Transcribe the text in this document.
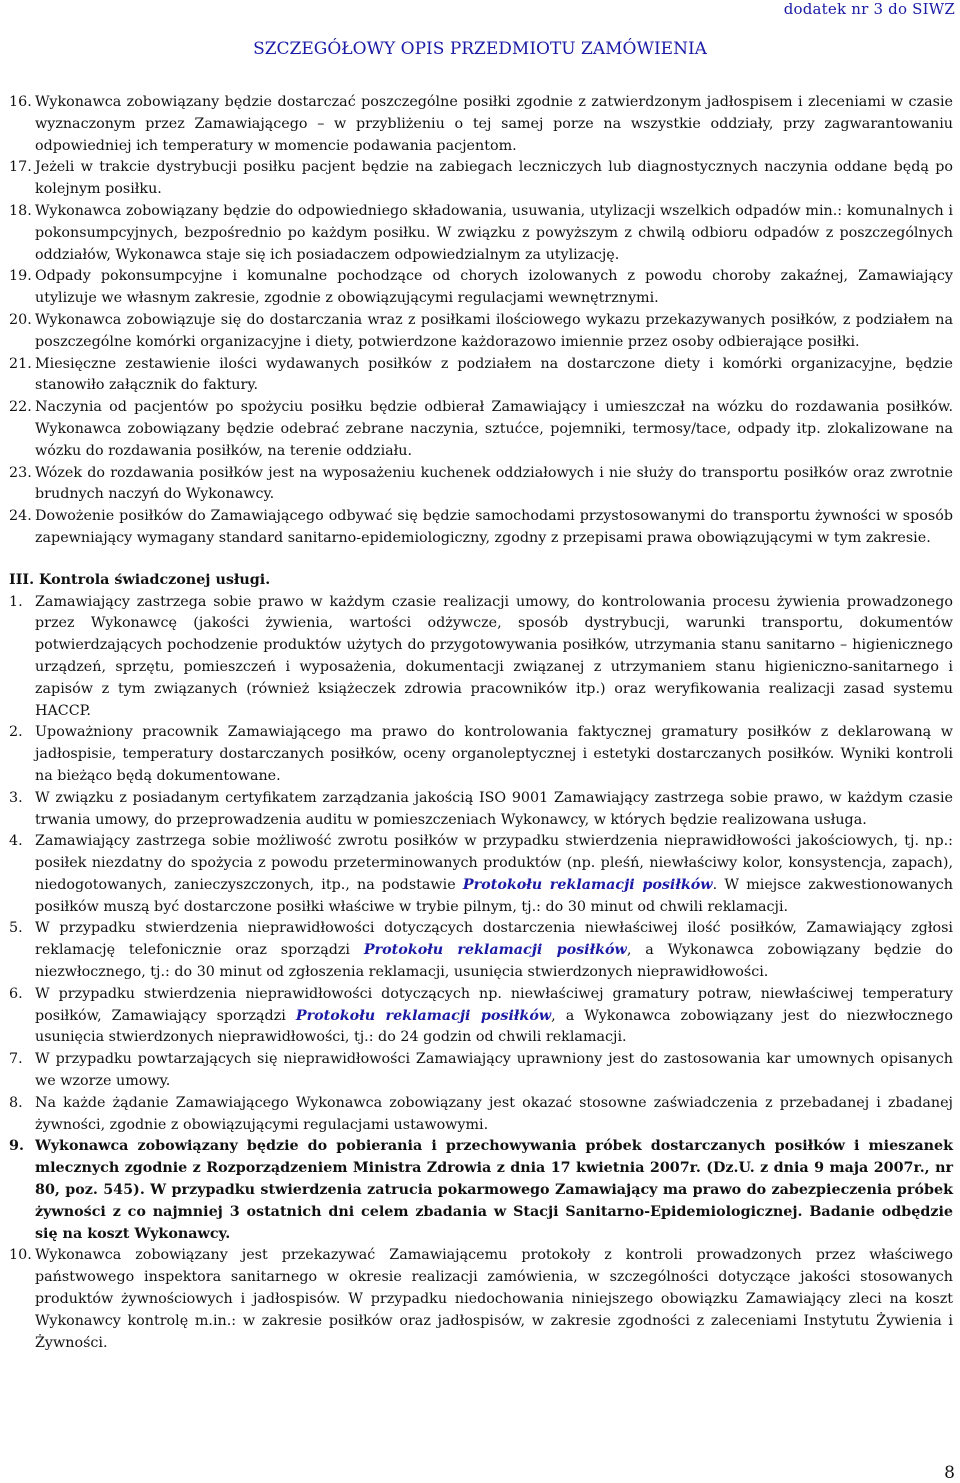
dodatek nr 3 do SIWZ
SZCZEGÓŁOWY OPIS PRZEDMIOTU ZAMÓWIENIA
16. Wykonawca zobowiązany będzie dostarczać poszczególne posiłki zgodnie z zatwierdzonym jadłospisem i zleceniami w czasie wyznaczonym przez Zamawiającego – w przybliżeniu o tej samej porze na wszystkie oddziały, przy zagwarantowaniu odpowiedniej ich temperatury w momencie podawania pacjentom.
17. Jeżeli w trakcie dystrybucji posiłku pacjent będzie na zabiegach leczniczych lub diagnostycznych naczynia oddane będą po kolejnym posiłku.
18. Wykonawca zobowiązany będzie do odpowiedniego składowania, usuwania, utylizacji wszelkich odpadów min.: komunalnych i pokonsumpcyjnych, bezpośrednio po każdym posiłku. W związku z powyższym z chwilą odbioru odpadów z poszczególnych oddziałów, Wykonawca staje się ich posiadaczem odpowiedzialnym za utylizację.
19. Odpady pokonsumpcyjne i komunalne pochodzące od chorych izolowanych z powodu choroby zakaźnej, Zamawiający utylizuje we własnym zakresie, zgodnie z obowiązującymi regulacjami wewnętrznymi.
20. Wykonawca zobowiązuje się do dostarczania wraz z posiłkami ilościowego wykazu przekazywanych posiłków, z podziałem na poszczególne komórki organizacyjne i diety, potwierdzone każdorazowo imiennie przez osoby odbierające posiłki.
21. Miesięczne zestawienie ilości wydawanych posiłków z podziałem na dostarczone diety i komórki organizacyjne, będzie stanowiło załącznik do faktury.
22. Naczynia od pacjentów po spożyciu posiłku będzie odbierał Zamawiający i umieszczał na wózku do rozdawania posiłków. Wykonawca zobowiązany będzie odebrać zebrane naczynia, sztućce, pojemniki, termosy/tace, odpady itp. zlokalizowane na wózku do rozdawania posiłków, na terenie oddziału.
23. Wózek do rozdawania posiłków jest na wyposażeniu kuchenek oddziałowych i nie służy do transportu posiłków oraz zwrotnie brudnych naczyń do Wykonawcy.
24. Dowożenie posiłków do Zamawiającego odbywać się będzie samochodami przystosowanymi do transportu żywności w sposób zapewniający wymagany standard sanitarno-epidemiologiczny, zgodny z przepisami prawa obowiązującymi w tym zakresie.
III. Kontrola świadczonej usługi.
1. Zamawiający zastrzega sobie prawo w każdym czasie realizacji umowy, do kontrolowania procesu żywienia prowadzonego przez Wykonawcę (jakości żywienia, wartości odżywcze, sposób dystrybucji, warunki transportu, dokumentów potwierdzających pochodzenie produktów użytych do przygotowywania posiłków, utrzymania stanu sanitarno – higienicznego urządzeń, sprzętu, pomieszczeń i wyposażenia, dokumentacji związanej z utrzymaniem stanu higieniczno-sanitarnego i zapisów z tym związanych (również książeczek zdrowia pracowników itp.) oraz weryfikowania realizacji zasad systemu HACCP.
2. Upoważniony pracownik Zamawiającego ma prawo do kontrolowania faktycznej gramatury posiłków z deklarowaną w jadłospisie, temperatury dostarczanych posiłków, oceny organoleptycznej i estetyki dostarczanych posiłków. Wyniki kontroli na bieżąco będą dokumentowane.
3. W związku z posiadanym certyfikatem zarządzania jakością ISO 9001 Zamawiający zastrzega sobie prawo, w każdym czasie trwania umowy, do przeprowadzenia auditu w pomieszczeniach Wykonawcy, w których będzie realizowana usługa.
4. Zamawiający zastrzega sobie możliwość zwrotu posiłków w przypadku stwierdzenia nieprawidłowości jakościowych, tj. np.: posiłek niezdatny do spożycia z powodu przeterminowanych produktów (np. pleśń, niewłaściwy kolor, konsystencja, zapach), niedogotowanych, zanieczyszczonych, itp., na podstawie Protokołu reklamacji posiłków. W miejsce zakwestionowanych posiłków muszą być dostarczone posiłki właściwe w trybie pilnym, tj.: do 30 minut od chwili reklamacji.
5. W przypadku stwierdzenia nieprawidłowości dotyczących dostarczenia niewłaściwej ilość posiłków, Zamawiający zgłosi reklamację telefonicznie oraz sporządzi Protokołu reklamacji posiłków, a Wykonawca zobowiązany będzie do niezwłocznego, tj.: do 30 minut od zgłoszenia reklamacji, usunięcia stwierdzonych nieprawidłowości.
6. W przypadku stwierdzenia nieprawidłowości dotyczących np. niewłaściwej gramatury potraw, niewłaściwej temperatury posiłków, Zamawiający sporządzi Protokołu reklamacji posiłków, a Wykonawca zobowiązany jest do niezwłocznego usunięcia stwierdzonych nieprawidłowości, tj.: do 24 godzin od chwili reklamacji.
7. W przypadku powtarzających się nieprawidłowości Zamawiający uprawniony jest do zastosowania kar umownych opisanych we wzorze umowy.
8. Na każde żądanie Zamawiającego Wykonawca zobowiązany jest okazać stosowne zaświadczenia z przebadanej i zbadanej żywności, zgodnie z obowiązującymi regulacjami ustawowymi.
9. Wykonawca zobowiązany będzie do pobierania i przechowywania próbek dostarczanych posiłków i mieszanek mlecznych zgodnie z Rozporządzeniem Ministra Zdrowia z dnia 17 kwietnia 2007r. (Dz.U. z dnia 9 maja 2007r., nr 80, poz. 545). W przypadku stwierdzenia zatrucia pokarmowego Zamawiający ma prawo do zabezpieczenia próbek żywności z co najmniej 3 ostatnich dni celem zbadania w Stacji Sanitarno-Epidemiologicznej. Badanie odbędzie się na koszt Wykonawcy.
10. Wykonawca zobowiązany jest przekazywać Zamawiającemu protokoły z kontroli prowadzonych przez właściwego państwowego inspektora sanitarnego w okresie realizacji zamówienia, w szczególności dotyczące jakości stosowanych produktów żywnościowych i jadłospisów. W przypadku niedochowania niniejszego obowiązku Zamawiający zleci na koszt Wykonawcy kontrolę m.in.: w zakresie posiłków oraz jadłospisów, w zakresie zgodności z zaleceniami Instytutu Żywienia i Żywności.
8
